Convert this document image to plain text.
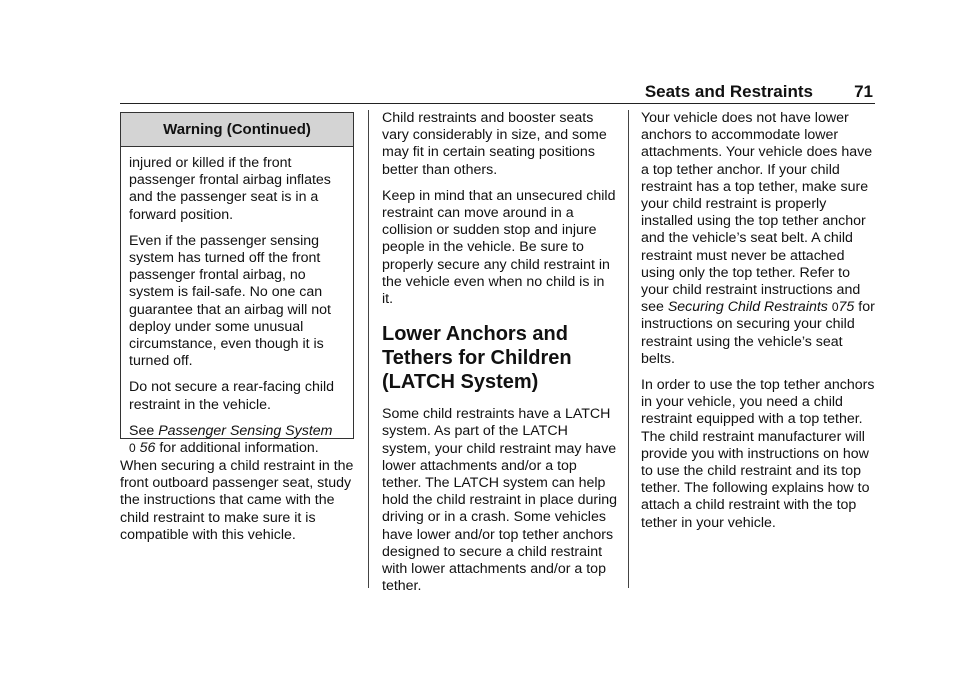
Seats and Restraints 71
Warning (Continued)

injured or killed if the front passenger frontal airbag inflates and the passenger seat is in a forward position.

Even if the passenger sensing system has turned off the front passenger frontal airbag, no system is fail-safe. No one can guarantee that an airbag will not deploy under some unusual circumstance, even though it is turned off.

Do not secure a rear-facing child restraint in the vehicle.

See Passenger Sensing System
0 56 for additional information.

When securing a child restraint in the front outboard passenger seat, study the instructions that came with the child restraint to make sure it is compatible with this vehicle.

Child restraints and booster seats vary considerably in size, and some may fit in certain seating positions better than others.

Keep in mind that an unsecured child restraint can move around in a collision or sudden stop and injure people in the vehicle. Be sure to properly secure any child restraint in the vehicle even when no child is in it.

Lower Anchors and Tethers for Children (LATCH System)

Some child restraints have a LATCH system. As part of the LATCH system, your child restraint may have lower attachments and/or a top tether. The LATCH system can help hold the child restraint in place during driving or in a crash. Some vehicles have lower and/or top tether anchors designed to secure a child restraint with lower attachments and/or a top tether.

Your vehicle does not have lower anchors to accommodate lower attachments. Your vehicle does have a top tether anchor. If your child restraint has a top tether, make sure your child restraint is properly installed using the top tether anchor and the vehicle’s seat belt. A child restraint must never be attached using only the top tether. Refer to your child restraint instructions and see Securing Child Restraints 075 for instructions on securing your child restraint using the vehicle’s seat belts.

In order to use the top tether anchors in your vehicle, you need a child restraint equipped with a top tether. The child restraint manufacturer will provide you with instructions on how to use the child restraint and its top tether. The following explains how to attach a child restraint with the top tether in your vehicle.
